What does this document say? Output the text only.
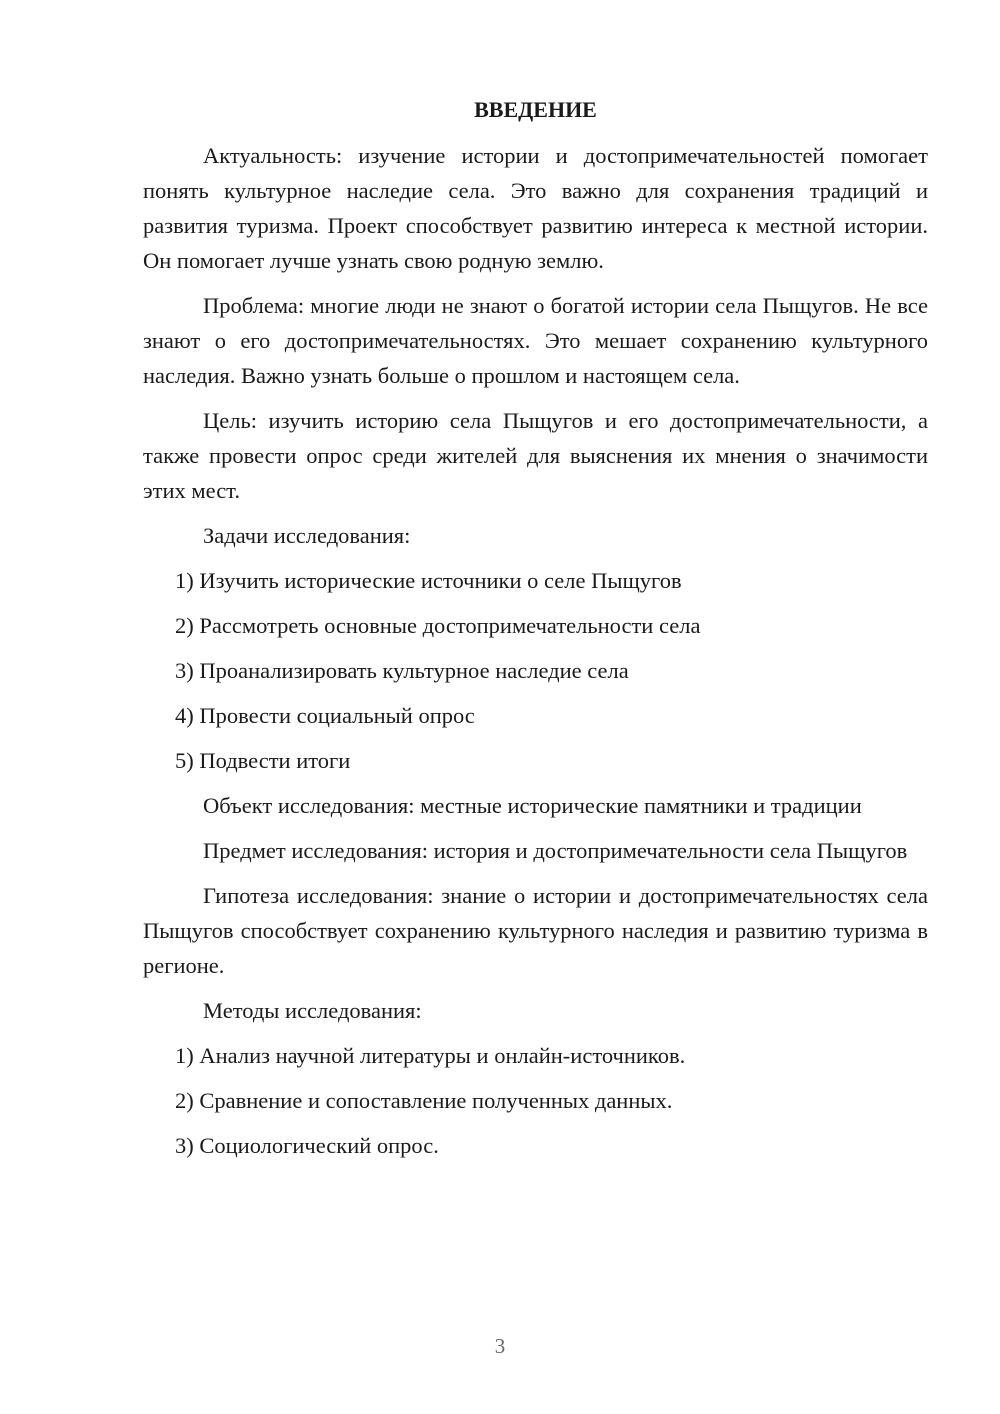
ВВЕДЕНИЕ

Актуальность: изучение истории и достопримечательностей помогает понять культурное наследие села. Это важно для сохранения традиций и развития туризма. Проект способствует развитию интереса к местной истории. Он помогает лучше узнать свою родную землю.

Проблема: многие люди не знают о богатой истории села Пыщугов. Не все знают о его достопримечательностях. Это мешает сохранению культурного наследия. Важно узнать больше о прошлом и настоящем села.

Цель: изучить историю села Пыщугов и его достопримечательности, а также провести опрос среди жителей для выяснения их мнения о значимости этих мест.

Задачи исследования:
1) Изучить исторические источники о селе Пыщугов
2) Рассмотреть основные достопримечательности села
3) Проанализировать культурное наследие села
4) Провести социальный опрос
5) Подвести итоги

Объект исследования: местные исторические памятники и традиции

Предмет исследования: история и достопримечательности села Пыщугов

Гипотеза исследования: знание о истории и достопримечательностях села Пыщугов способствует сохранению культурного наследия и развитию туризма в регионе.

Методы исследования:
1) Анализ научной литературы и онлайн-источников.
2) Сравнение и сопоставление полученных данных.
3) Социологический опрос.
3
